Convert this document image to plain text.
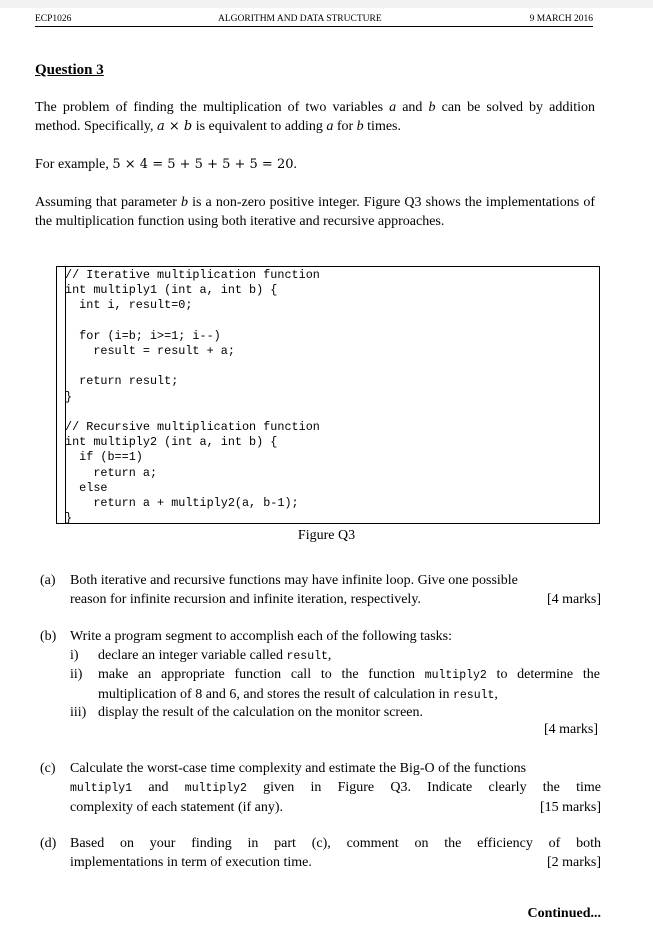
ECP1026	ALGORITHM AND DATA STRUCTURE	9 MARCH 2016
Question 3

The problem of finding the multiplication of two variables a and b can be solved by addition method. Specifically, a × b is equivalent to adding a for b times.

For example, 5 × 4 = 5 + 5 + 5 + 5 = 20.

Assuming that parameter b is a non-zero positive integer. Figure Q3 shows the implementations of the multiplication function using both iterative and recursive approaches.

// Iterative multiplication function
int multiply1 (int a, int b) {
int i, result=0;

for (i=b; i>=1; i--)
result = result + a;

return result;
}

// Recursive multiplication function
int multiply2 (int a, int b) {
if (b==1)
return a;
else
return a + multiply2(a, b-1);
}
Figure Q3
(a) Both iterative and recursive functions may have infinite loop. Give one possible
reason for infinite recursion and infinite iteration, respectively.	[4 marks]
(b) Write a program segment to accomplish each of the following tasks:
i) declare an integer variable called result,
ii) make an appropriate function call to the function multiply2 to determine the multiplication of 8 and 6, and stores the result of calculation in result,
iii) display the result of the calculation on the monitor screen.
[4 marks]
(c) Calculate the worst-case time complexity and estimate the Big-O of the functions
multiply1 and multiply2 given in Figure Q3. Indicate clearly the time
complexity of each statement (if any).	[15 marks]
(d) Based on your finding in part (c), comment on the efficiency of both
implementations in term of execution time.	[2 marks]
Continued...
